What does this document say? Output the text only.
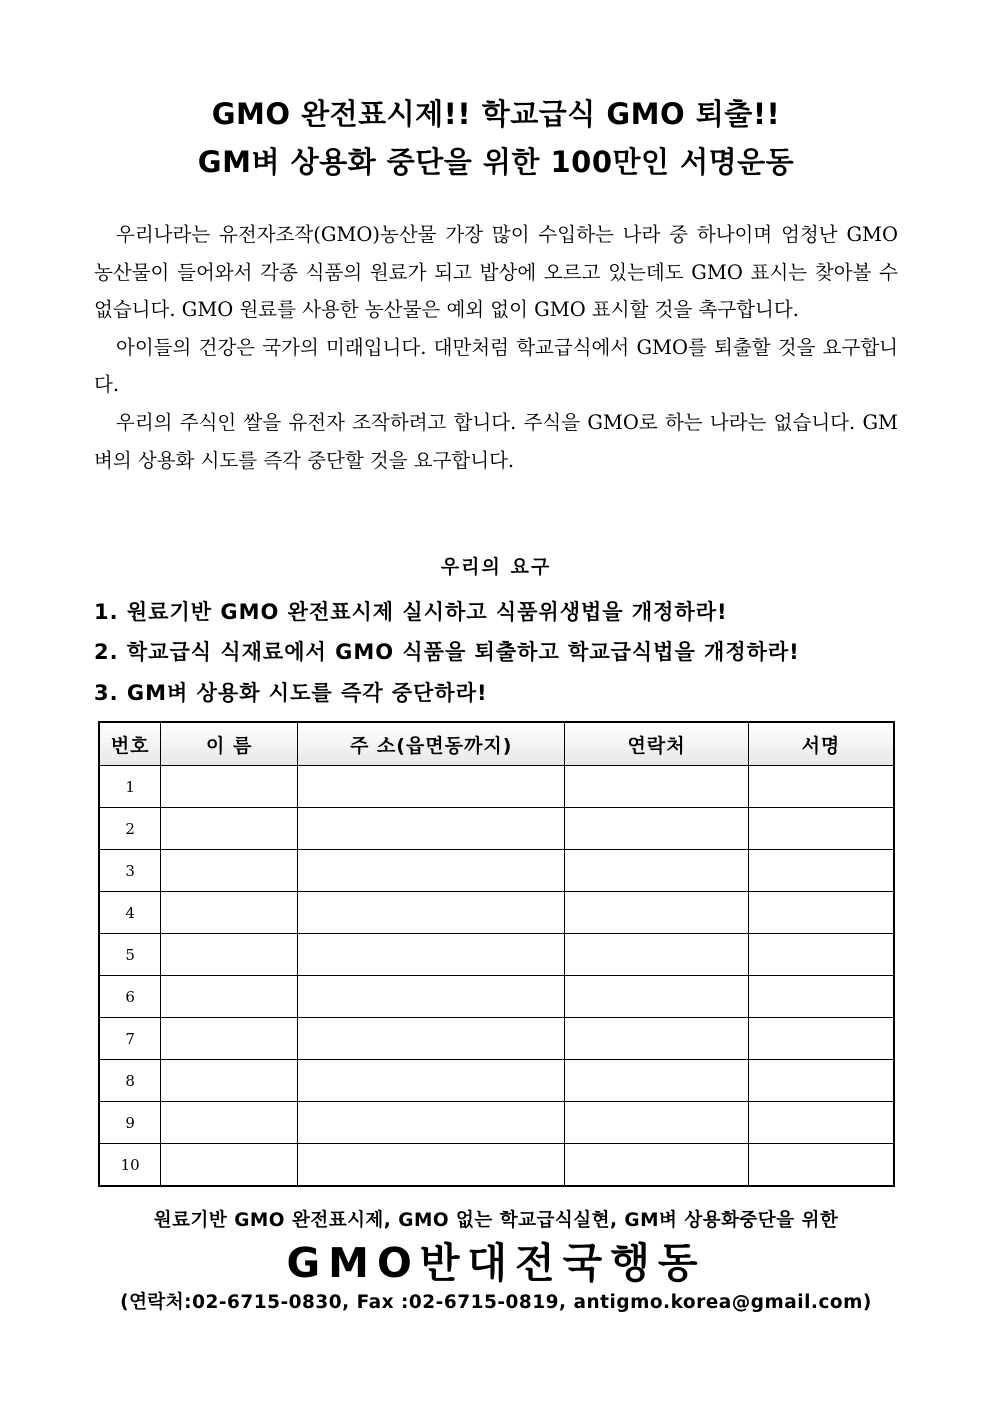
GMO 완전표시제!! 학교급식 GMO 퇴출!!
GM벼 상용화 중단을 위한 100만인 서명운동

우리나라는 유전자조작(GMO)농산물 가장 많이 수입하는 나라 중 하나이며 엄청난 GMO 농산물이 들어와서 각종 식품의 원료가 되고 밥상에 오르고 있는데도 GMO 표시는 찾아볼 수 없습니다. GMO 원료를 사용한 농산물은 예외 없이 GMO 표시할 것을 촉구합니다.

아이들의 건강은 국가의 미래입니다. 대만처럼 학교급식에서 GMO를 퇴출할 것을 요구합니다.

우리의 주식인 쌀을 유전자 조작하려고 합니다. 주식을 GMO로 하는 나라는 없습니다. GM벼의 상용화 시도를 즉각 중단할 것을 요구합니다.

우리의 요구
1. 원료기반 GMO 완전표시제 실시하고 식품위생법을 개정하라!
2. 학교급식 식재료에서 GMO 식품을 퇴출하고 학교급식법을 개정하라!
3. GM벼 상용화 시도를 즉각 중단하라!
번호	이 름	주 소(읍면동까지)	연락처	서명
1				
2				
3				
4				
5				
6				
7				
8				
9				
10				
원료기반 GMO 완전표시제, GMO 없는 학교급식실현, GM벼 상용화중단을 위한
GMO반대전국행동
(연락처:02-6715-0830, Fax :02-6715-0819, antigmo.korea@gmail.com)
